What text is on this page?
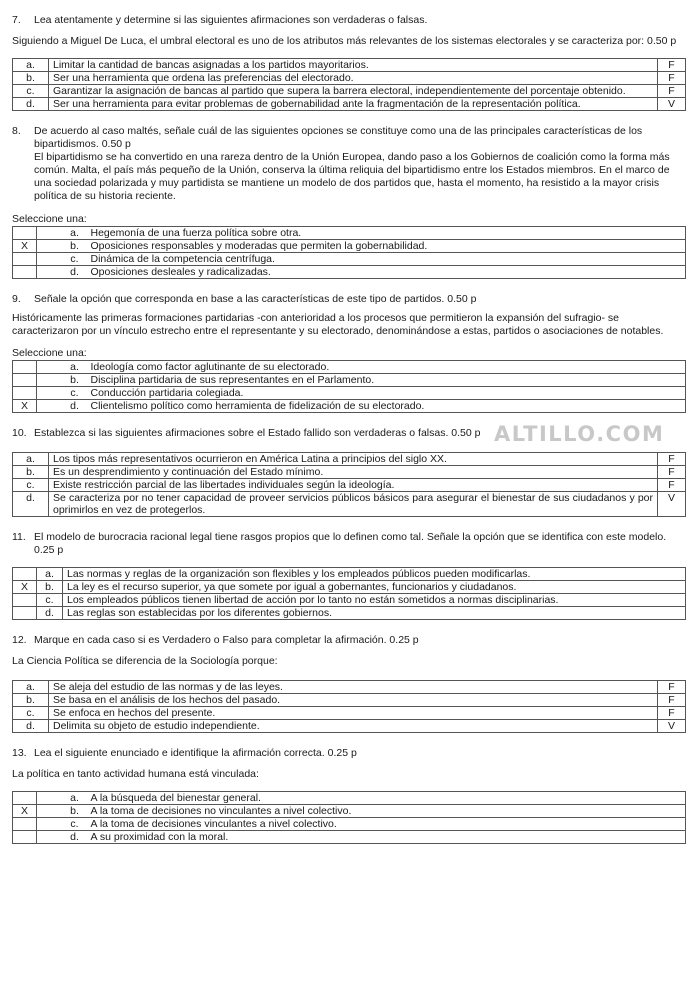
7.	Lea atentamente y determine si las siguientes afirmaciones son verdaderas o falsas.

Siguiendo a Miguel De Luca, el umbral electoral es uno de los atributos más relevantes de los sistemas electorales y se caracteriza por: 0.50 p

a.	Limitar la cantidad de bancas asignadas a los partidos mayoritarios.	F
b.	Ser una herramienta que ordena las preferencias del electorado.	F
c.	Garantizar la asignación de bancas al partido que supera la barrera electoral, independientemente del porcentaje obtenido.	F
d.	Ser una herramienta para evitar problemas de gobernabilidad ante la fragmentación de la representación política.	V
8.	De acuerdo al caso maltés, señale cuál de las siguientes opciones se constituye como una de las principales características de los bipartidismos. 0.50 p

El bipartidismo se ha convertido en una rareza dentro de la Unión Europea, dando paso a los Gobiernos de coalición como la forma más común. Malta, el país más pequeño de la Unión, conserva la última reliquia del bipartidismo entre los Estados miembros. En el marco de una sociedad polarizada y muy partidista se mantiene un modelo de dos partidos que, hasta el momento, ha resistido a la mayor crisis política de su historia reciente.

Seleccione una:

		a.	Hegemonía de una fuerza política sobre otra.
X		b.	Oposiciones responsables y moderadas que permiten la gobernabilidad.
		c.	Dinámica de la competencia centrífuga.
		d.	Oposiciones desleales y radicalizadas.
9.	Señale la opción que corresponda en base a las características de este tipo de partidos. 0.50 p

Históricamente las primeras formaciones partidarias -con anterioridad a los procesos que permitieron la expansión del sufragio- se caracterizaron por un vínculo estrecho entre el representante y su electorado, denominándose a estas, partidos o asociaciones de notables.

Seleccione una:

		a.	Ideología como factor aglutinante de su electorado.
		b.	Disciplina partidaria de sus representantes en el Parlamento.
		c.	Conducción partidaria colegiada.
X		d.	Clientelismo político como herramienta de fidelización de su electorado.
10. Establezca si las siguientes afirmaciones sobre el Estado fallido son verdaderas o falsas. 0.50 p
a.	Los tipos más representativos ocurrieron en América Latina a principios del siglo XX.	F
b.	Es un desprendimiento y continuación del Estado mínimo.	F
c.	Existe restricción parcial de las libertades individuales según la ideología.	F
d.	Se caracteriza por no tener capacidad de proveer servicios públicos básicos para asegurar el bienestar de sus ciudadanos y por oprimirlos en vez de protegerlos.	V
11. El modelo de burocracia racional legal tiene rasgos propios que lo definen como tal. Señale la opción que se identifica con este modelo. 0.25 p
	a.	Las normas y reglas de la organización son flexibles y los empleados públicos pueden modificarlas.
X	b.	La ley es el recurso superior, ya que somete por igual a gobernantes, funcionarios y ciudadanos.
	c.	Los empleados públicos tienen libertad de acción por lo tanto no están sometidos a normas disciplinarias.
	d.	Las reglas son establecidas por los diferentes gobiernos.
12. Marque en cada caso si es Verdadero o Falso para completar la afirmación. 0.25 p

La Ciencia Política se diferencia de la Sociología porque:

a.	Se aleja del estudio de las normas y de las leyes.	F
b.	Se basa en el análisis de los hechos del pasado.	F
c.	Se enfoca en hechos del presente.	F
d.	Delimita su objeto de estudio independiente.	V
13. Lea el siguiente enunciado e identifique la afirmación correcta. 0.25 p

La política en tanto actividad humana está vinculada:

		a.	A la búsqueda del bienestar general.
X		b.	A la toma de decisiones no vinculantes a nivel colectivo.
		c.	A la toma de decisiones vinculantes a nivel colectivo.
		d.	A su proximidad con la moral.
ALTILLO.COM
